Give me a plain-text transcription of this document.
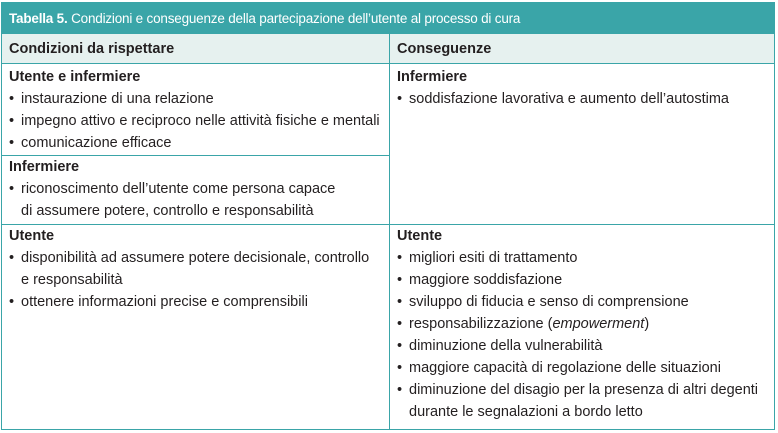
Tabella 5. Condizioni e conseguenze della partecipazione dell’utente al processo di cura
Condizioni da rispettare	Conseguenze
Utente e infermiere
• instaurazione di una relazione
• impegno attivo e reciproco nelle attività fisiche e mentali
• comunicazione efficace
Infermiere
• riconoscimento dell’utente come persona capace
di assumere potere, controllo e responsabilità
Infermiere
• soddisfazione lavorativa e aumento dell’autostima
Utente
• disponibilità ad assumere potere decisionale, controllo
e responsabilità
• ottenere informazioni precise e comprensibili
Utente
• migliori esiti di trattamento
• maggiore soddisfazione
• sviluppo di fiducia e senso di comprensione
• responsabilizzazione (empowerment)
• diminuzione della vulnerabilità
• maggiore capacità di regolazione delle situazioni
• diminuzione del disagio per la presenza di altri degenti
durante le segnalazioni a bordo letto
